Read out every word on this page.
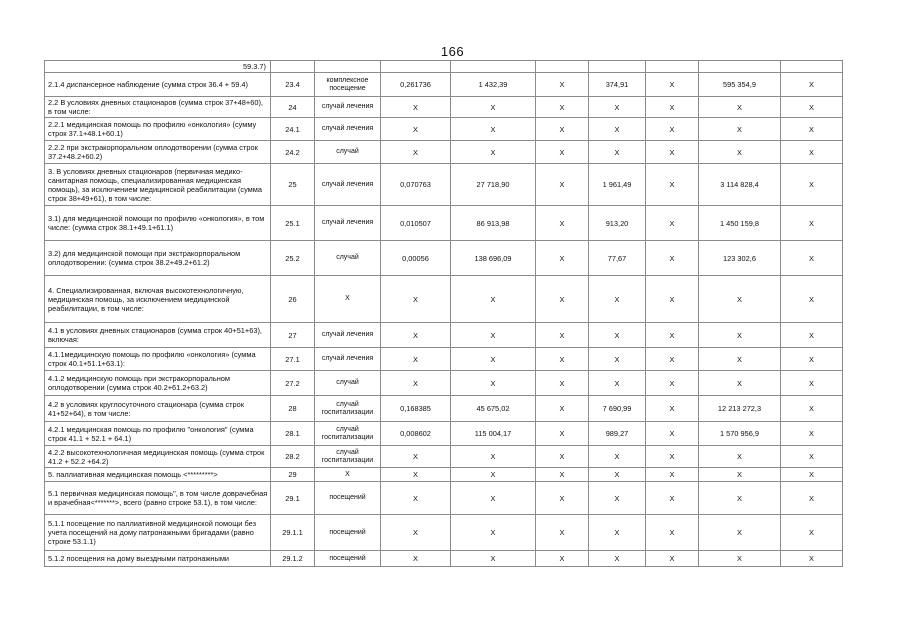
166
59.3.7)									
2.1.4 диспансерное наблюдение (сумма строк 36.4 + 59.4)	23.4	комплексное посещение	0,261736	1 432,39	X	374,91	X	595 354,9	X
2.2 В условиях дневных стационаров (сумма строк 37+48+60), в том числе:	24	случай лечения	X	X	X	X	X	X	X
2.2.1 медицинская помощь по профилю «онкология» (сумму строк 37.1+48.1+60.1)	24.1	случай лечения	X	X	X	X	X	X	X
2.2.2 при экстракорпоральном оплодотворении (сумма строк 37.2+48.2+60.2)	24.2	случай	X	X	X	X	X	X	X
3. В условиях дневных стационаров (первичная медико-санитарная помощь, специализированная медицинская помощь), за исключением медицинской реабилитации (сумма строк 38+49+61), в том числе:	25	случай лечения	0,070763	27 718,90	X	1 961,49	X	3 114 828,4	X
3.1) для медицинской помощи по профилю «онкология», в том числе: (сумма строк 38.1+49.1+61.1)	25.1	случай лечения	0,010507	86 913,98	X	913,20	X	1 450 159,8	X
3.2) для медицинской помощи при экстракорпоральном оплодотворении: (сумма строк 38.2+49.2+61.2)	25.2	случай	0,00056	138 696,09	X	77,67	X	123 302,6	X
4. Специализированная, включая высокотехнологичную, медицинская помощь, за исключением медицинской реабилитации, в том числе:	26	X	X	X	X	X	X	X	X
4.1 в условиях дневных стационаров (сумма строк 40+51+63), включая:	27	случай лечения	X	X	X	X	X	X	X
4.1.1медицинскую помощь по профилю «онкология» (сумма строк 40.1+51.1+63.1):	27.1	случай лечения	X	X	X	X	X	X	X
4.1.2 медицинскую помощь при экстракорпоральном оплодотворении (сумма строк 40.2+61.2+63.2)	27.2	случай	X	X	X	X	X	X	X
4.2 в условиях круглосуточного стационара (сумма строк 41+52+64), в том числе:	28	случай госпитализации	0,168385	45 675,02	X	7 690,99	X	12 213 272,3	X
4.2.1 медицинская помощь по профилю "онкология" (сумма строк 41.1 + 52.1 + 64.1)	28.1	случай госпитализации	0,008602	115 004,17	X	989,27	X	1 570 956,9	X
4.2.2 высокотехнологичная медицинская помощь (сумма строк 41.2 + 52.2 +64.2)	28.2	случай госпитализации	X	X	X	X	X	X	X
5. паллиативная медицинская помощь <*********>	29	X	X	X	X	X	X	X	X
5.1 первичная медицинская помощь", в том числе доврачебная и врачебная<*******>, всего (равно строке 53.1), в том числе:	29.1	посещений	X	X	X	X	X	X	X
5.1.1 посещение по паллиативной медицинской помощи без учета посещений на дому патронажными бригадами (равно строке 53.1.1)	29.1.1	посещений	X	X	X	X	X	X	X
5.1.2 посещения на дому выездными патронажными	29.1.2	посещений	X	X	X	X	X	X	X
